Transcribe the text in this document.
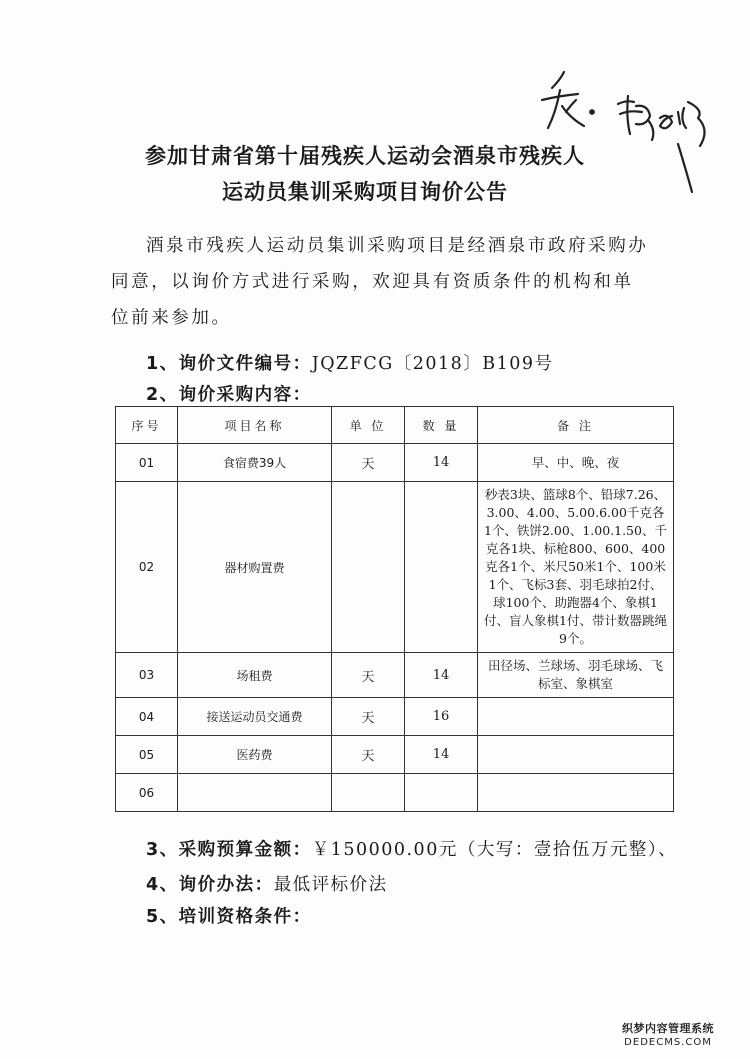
参加甘肃省第十届残疾人运动会酒泉市残疾人
运动员集训采购项目询价公告
酒泉市残疾人运动员集训采购项目是经酒泉市政府采购办同意，以询价方式进行采购，欢迎具有资质条件的机构和单位前来参加。
1、询价文件编号：JQZFCG〔2018〕B109号
2、询价采购内容：
序号	项目名称	单 位	数 量	备 注
01	食宿费39人	天	14	早、中、晚、夜
02	器材购置费			秒表3块、篮球8个、铅球7.26、3.00、4.00、5.00.6.00千克各1个、铁饼2.00、1.00.1.50、千克各1块、标枪800、600、400克各1个、米尺50米1个、100米1个、飞标3套、羽毛球拍2付、球100个、助跑器4个、象棋1付、盲人象棋1付、带计数器跳绳9个。
03	场租费	天	14	田径场、兰球场、羽毛球场、飞标室、象棋室
04	接送运动员交通费	天	16	
05	医药费	天	14	
06				
3、采购预算金额：￥150000.00元（大写：壹拾伍万元整）、
4、询价办法：最低评标价法
5、培训资格条件：
织梦内容管理系统
DEDECMS.COM
